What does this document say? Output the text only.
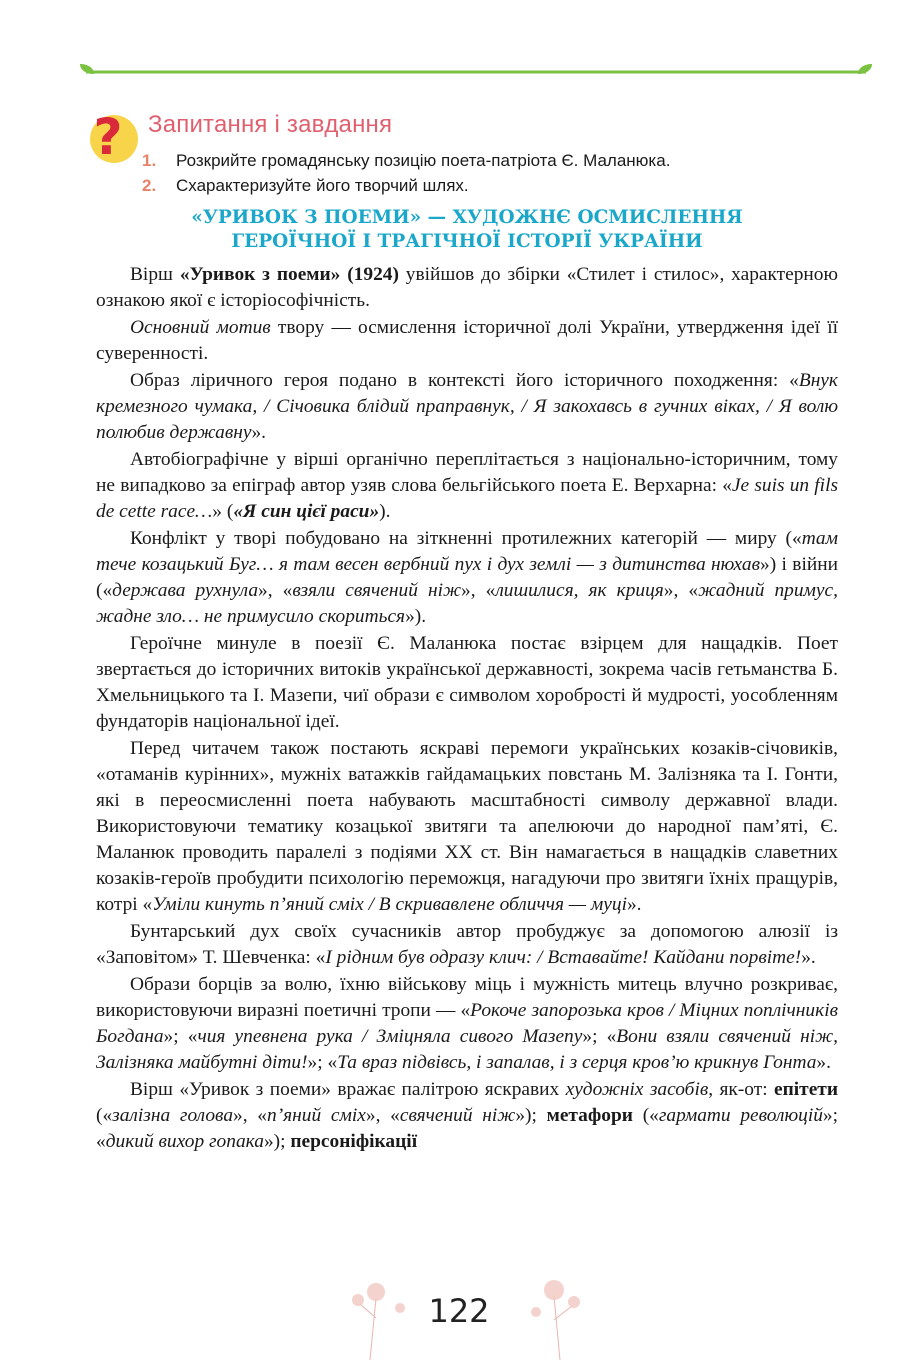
? Запитання і завдання
1.	Розкрийте громадянську позицію поета-патріота Є. Маланюка.
2.	Схарактеризуйте його творчий шлях.
«УРИВОК З ПОЕМИ» — ХУДОЖНЄ ОСМИСЛЕННЯ
ГЕРОЇЧНОЇ І ТРАГІЧНОЇ ІСТОРІЇ УКРАЇНИ

Вірш «Уривок з поеми» (1924) увійшов до збірки «Стилет і стилос», характерною ознакою якої є історіософічність.

Основний мотив твору — осмислення історичної долі України, утвердження ідеї її суверенності.

Образ ліричного героя подано в контексті його історичного походження: «Внук кремезного чумака, / Січовика блідий праправнук, / Я закохавсь в гучних віках, / Я волю полюбив державну».

Автобіографічне у вірші органічно переплітається з національно-історичним, тому не випадково за епіграф автор узяв слова бельгійського поета Е. Верхарна: «Je suis un fils de cette race…» («Я син цієї раси»).

Конфлікт у творі побудовано на зіткненні протилежних категорій — миру («там тече козацький Буг… я там весен вербний пух і дух землі — з дитинства нюхав») і війни («держава рухнула», «взяли свячений ніж», «лишилися, як криця», «жадний примус, жадне зло… не примусило скориться»).

Героїчне минуле в поезії Є. Маланюка постає взірцем для нащадків. Поет звертається до історичних витоків української державності, зокрема часів гетьманства Б. Хмельницького та І. Мазепи, чиї образи є символом хоробрості й мудрості, уособленням фундаторів національної ідеї.

Перед читачем також постають яскраві перемоги українських козаків-січовиків, «отаманів курінних», мужніх ватажків гайдамацьких повстань М. Залізняка та І. Гонти, які в переосмисленні поета набувають масштабності символу державної влади. Використовуючи тематику козацької звитяги та апелюючи до народної пам’яті, Є. Маланюк проводить паралелі з подіями XX ст. Він намагається в нащадків славетних козаків-героїв пробудити психологію переможця, нагадуючи про звитяги їхніх пращурів, котрі «Уміли кинуть п’яний сміх / В скривавлене обличчя — муці».

Бунтарський дух своїх сучасників автор пробуджує за допомогою алюзії із «Заповітом» Т. Шевченка: «І рідним був одразу клич: / Вставайте! Кайдани порвіте!».

Образи борців за волю, їхню військову міць і мужність митець влучно розкриває, використовуючи виразні поетичні тропи — «Рокоче запорозька кров / Міцних поплічників Богдана»; «чия упевнена рука / Зміцняла сивого Мазепу»; «Вони взяли свячений ніж, Залізняка майбутні діти!»; «Та враз підвівсь, і запалав, і з серця кров’ю крикнув Гонта».

Вірш «Уривок з поеми» вражає палітрою яскравих художніх засобів, як-от: епітети («залізна голова», «п’яний сміх», «свячений ніж»); метафори («гармати революцій»; «дикий вихор гопака»); персоніфікації

122
